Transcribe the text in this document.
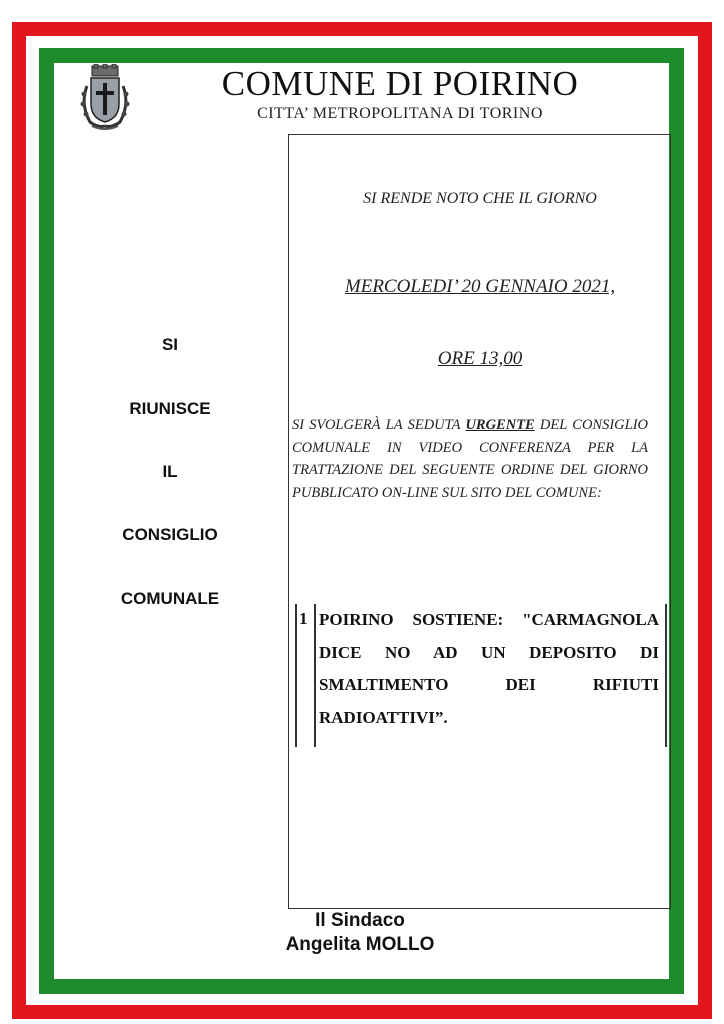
COMUNE DI POIRINO
CITTA’ METROPOLITANA DI TORINO
SI
RIUNISCE
IL
CONSIGLIO
COMUNALE
SI RENDE NOTO CHE IL GIORNO
MERCOLEDI’ 20 GENNAIO 2021,
ORE 13,00
SI SVOLGERÀ LA SEDUTA URGENTE DEL CONSIGLIO COMUNALE IN VIDEO CONFERENZA PER LA TRATTAZIONE DEL SEGUENTE ORDINE DEL GIORNO PUBBLICATO ON-LINE SUL SITO DEL COMUNE:
1 POIRINO SOSTIENE: "CARMAGNOLA DICE NO AD UN DEPOSITO DI SMALTIMENTO DEI RIFIUTI RADIOATTIVI”.
Il Sindaco
Angelita MOLLO
